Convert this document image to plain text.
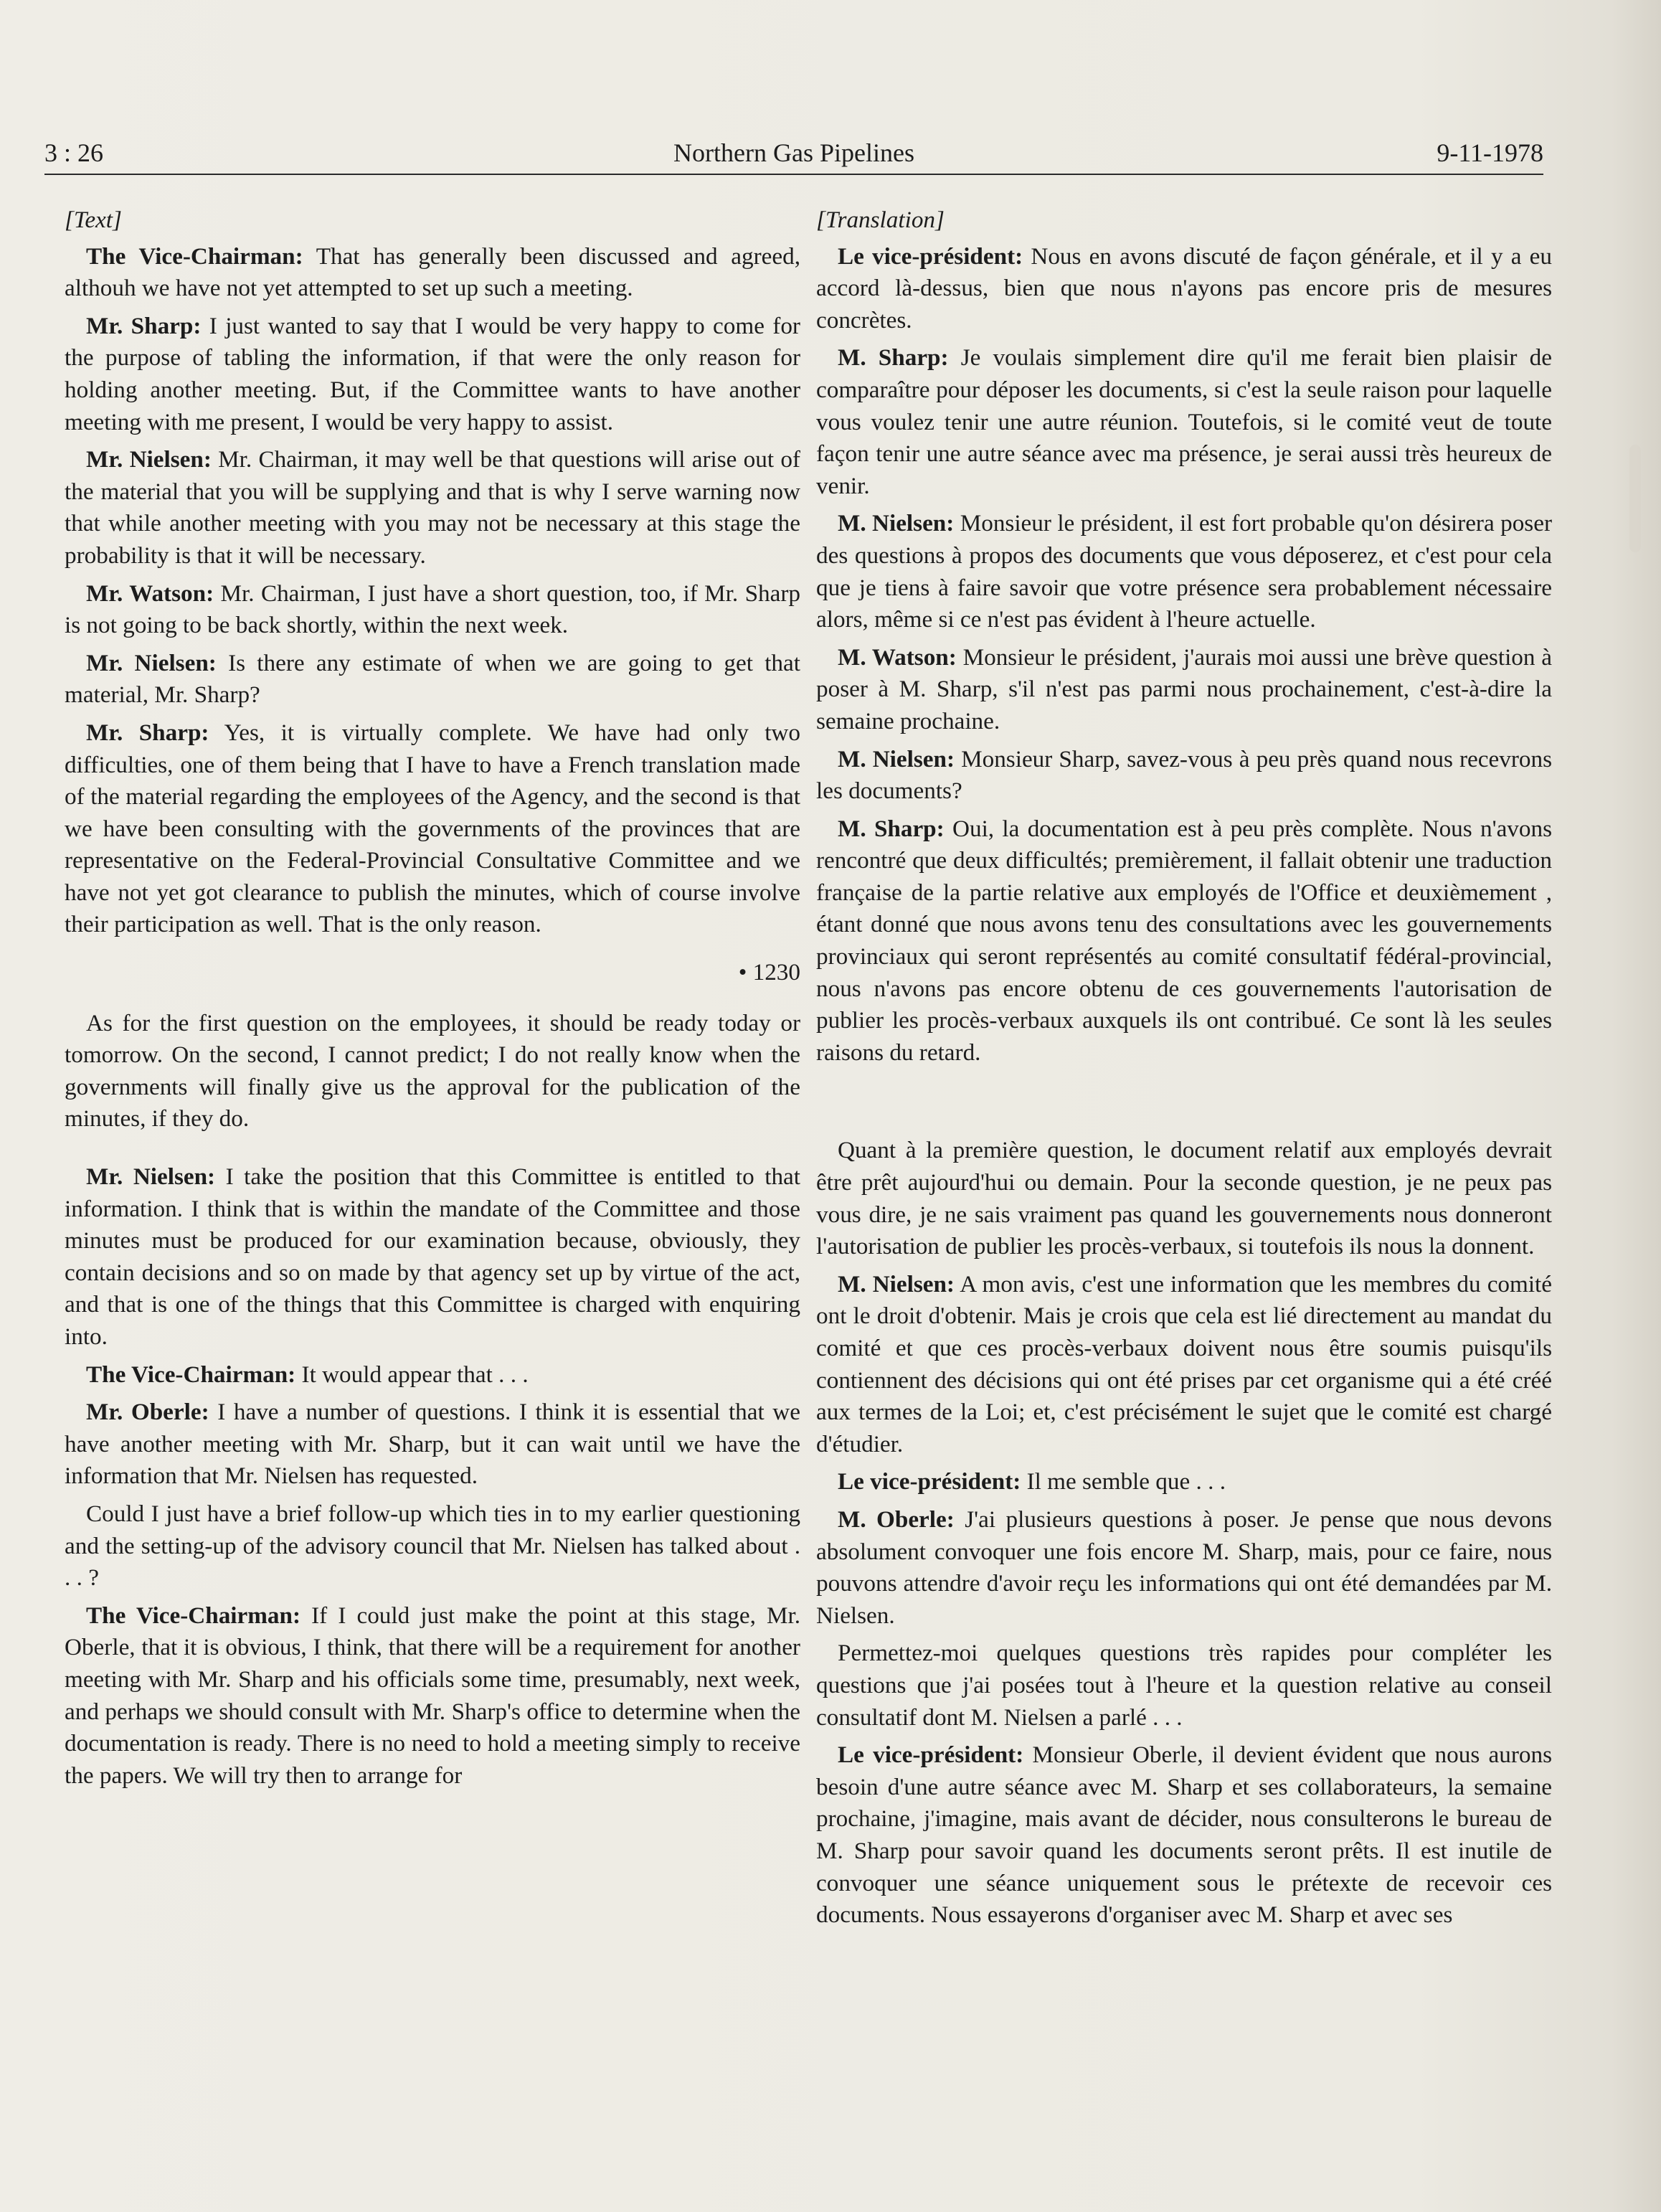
3 : 26	Northern Gas Pipelines	9-11-1978

[Text]

The Vice-Chairman: That has generally been discussed and agreed, althouh we have not yet attempted to set up such a meeting.

Mr. Sharp: I just wanted to say that I would be very happy to come for the purpose of tabling the information, if that were the only reason for holding another meeting. But, if the Committee wants to have another meeting with me present, I would be very happy to assist.

Mr. Nielsen: Mr. Chairman, it may well be that questions will arise out of the material that you will be supplying and that is why I serve warning now that while another meeting with you may not be necessary at this stage the probability is that it will be necessary.

Mr. Watson: Mr. Chairman, I just have a short question, too, if Mr. Sharp is not going to be back shortly, within the next week.

Mr. Nielsen: Is there any estimate of when we are going to get that material, Mr. Sharp?

Mr. Sharp: Yes, it is virtually complete. We have had only two difficulties, one of them being that I have to have a French translation made of the material regarding the employees of the Agency, and the second is that we have been consulting with the governments of the provinces that are representative on the Federal-Provincial Consultative Committee and we have not yet got clearance to publish the minutes, which of course involve their participation as well. That is the only reason.

• 1230

As for the first question on the employees, it should be ready today or tomorrow. On the second, I cannot predict; I do not really know when the governments will finally give us the approval for the publication of the minutes, if they do.

Mr. Nielsen: I take the position that this Committee is entitled to that information. I think that is within the mandate of the Committee and those minutes must be produced for our examination because, obviously, they contain decisions and so on made by that agency set up by virtue of the act, and that is one of the things that this Committee is charged with enquiring into.

The Vice-Chairman: It would appear that . . .

Mr. Oberle: I have a number of questions. I think it is essential that we have another meeting with Mr. Sharp, but it can wait until we have the information that Mr. Nielsen has requested.

Could I just have a brief follow-up which ties in to my earlier questioning and the setting-up of the advisory council that Mr. Nielsen has talked about . . . ?

The Vice-Chairman: If I could just make the point at this stage, Mr. Oberle, that it is obvious, I think, that there will be a requirement for another meeting with Mr. Sharp and his officials some time, presumably, next week, and perhaps we should consult with Mr. Sharp's office to determine when the documentation is ready. There is no need to hold a meeting simply to receive the papers. We will try then to arrange for

[Translation]

Le vice-président: Nous en avons discuté de façon générale, et il y a eu accord là-dessus, bien que nous n'ayons pas encore pris de mesures concrètes.

M. Sharp: Je voulais simplement dire qu'il me ferait bien plaisir de comparaître pour déposer les documents, si c'est la seule raison pour laquelle vous voulez tenir une autre réunion. Toutefois, si le comité veut de toute façon tenir une autre séance avec ma présence, je serai aussi très heureux de venir.

M. Nielsen: Monsieur le président, il est fort probable qu'on désirera poser des questions à propos des documents que vous déposerez, et c'est pour cela que je tiens à faire savoir que votre présence sera probablement nécessaire alors, même si ce n'est pas évident à l'heure actuelle.

M. Watson: Monsieur le président, j'aurais moi aussi une brève question à poser à M. Sharp, s'il n'est pas parmi nous prochainement, c'est-à-dire la semaine prochaine.

M. Nielsen: Monsieur Sharp, savez-vous à peu près quand nous recevrons les documents?

M. Sharp: Oui, la documentation est à peu près complète. Nous n'avons rencontré que deux difficultés; premièrement, il fallait obtenir une traduction française de la partie relative aux employés de l'Office et deuxièmement , étant donné que nous avons tenu des consultations avec les gouvernements provinciaux qui seront représentés au comité consultatif fédéral-provincial, nous n'avons pas encore obtenu de ces gouvernements l'autorisation de publier les procès-verbaux auxquels ils ont contribué. Ce sont là les seules raisons du retard.

Quant à la première question, le document relatif aux employés devrait être prêt aujourd'hui ou demain. Pour la seconde question, je ne peux pas vous dire, je ne sais vraiment pas quand les gouvernements nous donneront l'autorisation de publier les procès-verbaux, si toutefois ils nous la donnent.

M. Nielsen: A mon avis, c'est une information que les membres du comité ont le droit d'obtenir. Mais je crois que cela est lié directement au mandat du comité et que ces procès-verbaux doivent nous être soumis puisqu'ils contiennent des décisions qui ont été prises par cet organisme qui a été créé aux termes de la Loi; et, c'est précisément le sujet que le comité est chargé d'étudier.

Le vice-président: Il me semble que . . .

M. Oberle: J'ai plusieurs questions à poser. Je pense que nous devons absolument convoquer une fois encore M. Sharp, mais, pour ce faire, nous pouvons attendre d'avoir reçu les informations qui ont été demandées par M. Nielsen.

Permettez-moi quelques questions très rapides pour compléter les questions que j'ai posées tout à l'heure et la question relative au conseil consultatif dont M. Nielsen a parlé . . .

Le vice-président: Monsieur Oberle, il devient évident que nous aurons besoin d'une autre séance avec M. Sharp et ses collaborateurs, la semaine prochaine, j'imagine, mais avant de décider, nous consulterons le bureau de M. Sharp pour savoir quand les documents seront prêts. Il est inutile de convoquer une séance uniquement sous le prétexte de recevoir ces documents. Nous essayerons d'organiser avec M. Sharp et avec ses
